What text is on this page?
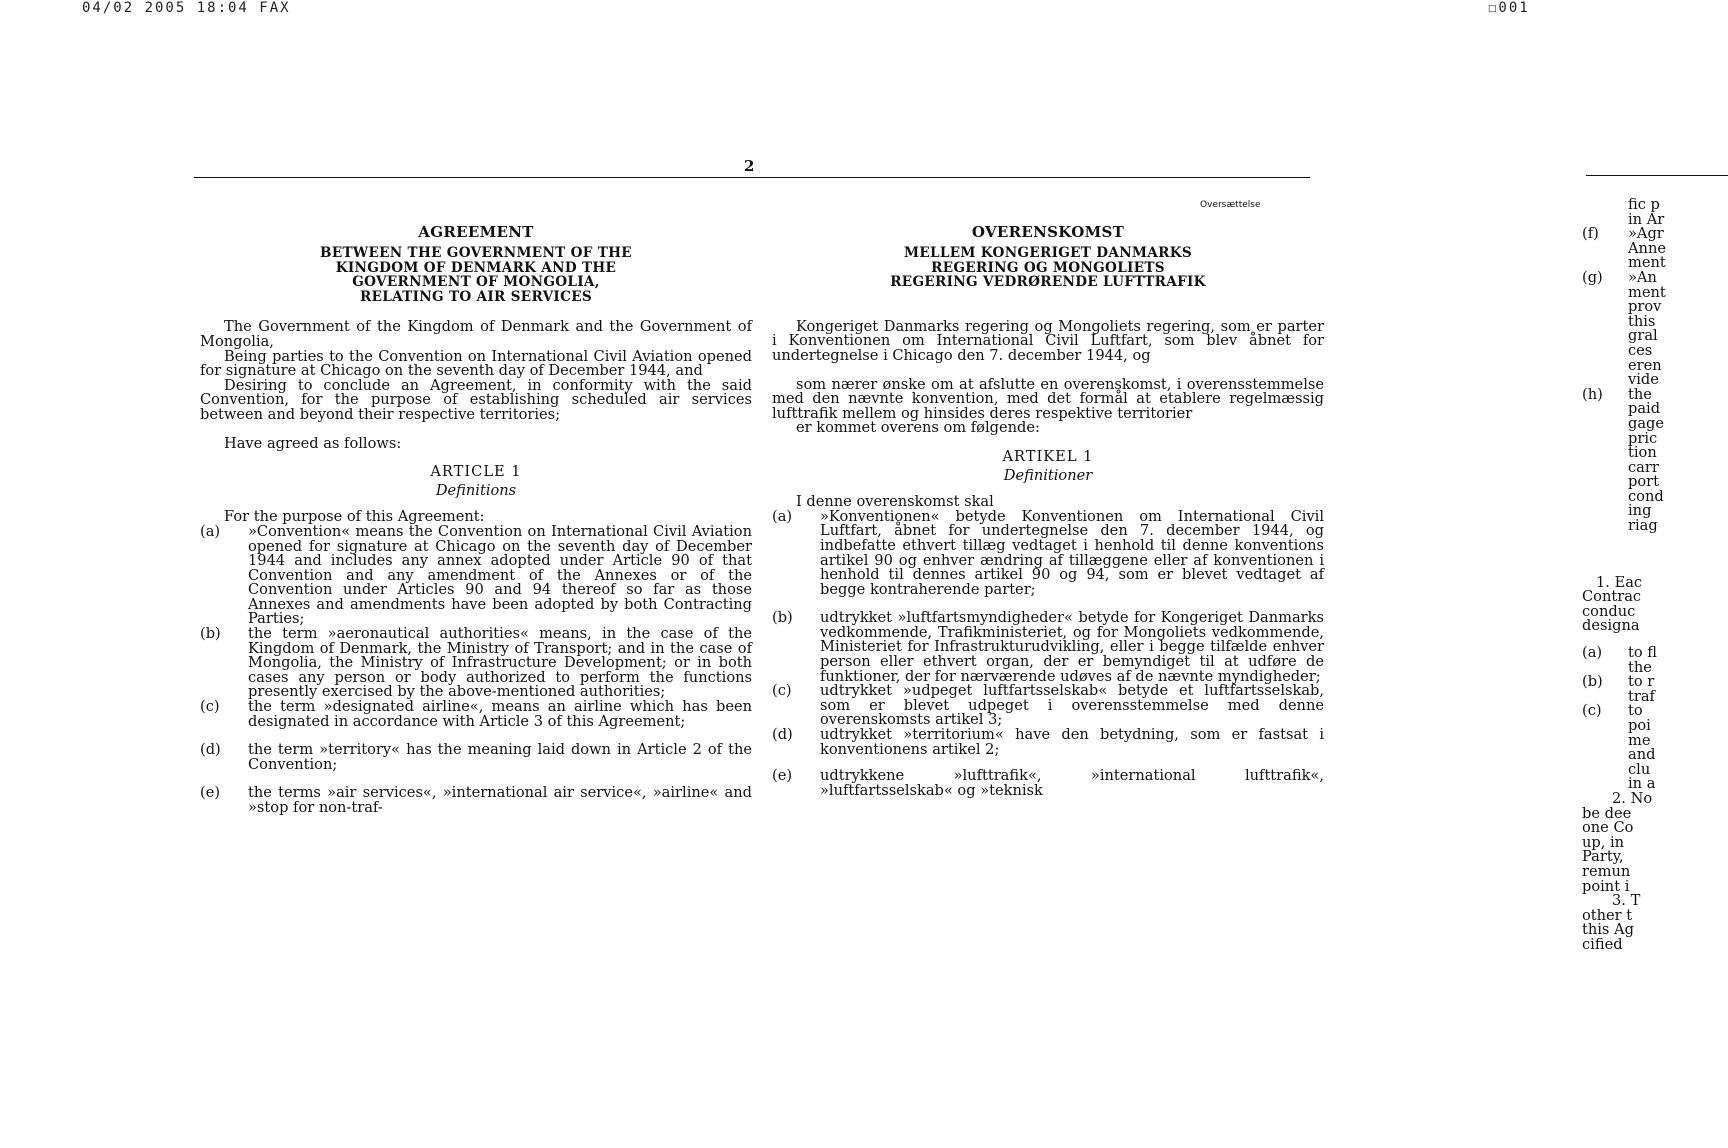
04/02 2005 18:04 FAX	☐001
2
Oversættelse
AGREEMENT
BETWEEN THE GOVERNMENT OF THE
KINGDOM OF DENMARK AND THE
GOVERNMENT OF MONGOLIA,
RELATING TO AIR SERVICES

The Government of the Kingdom of Denmark and the Government of Mongolia,

Being parties to the Convention on International Civil Aviation opened for signature at Chicago on the seventh day of December 1944, and

Desiring to conclude an Agreement, in conformity with the said Convention, for the purpose of establishing scheduled air services between and beyond their respective territories;

Have agreed as follows:

ARTICLE 1
Definitions

For the purpose of this Agreement:

(a)	»Convention« means the Convention on International Civil Aviation opened for signature at Chicago on the seventh day of December 1944 and includes any annex adopted under Article 90 of that Convention and any amendment of the Annexes or of the Convention under Articles 90 and 94 thereof so far as those Annexes and amendments have been adopted by both Contracting Parties;
(b)	the term »aeronautical authorities« means, in the case of the Kingdom of Denmark, the Ministry of Transport; and in the case of Mongolia, the Ministry of Infrastructure Development; or in both cases any person or body authorized to perform the functions presently exercised by the above-mentioned authorities;
(c)	the term »designated airline«, means an airline which has been designated in accordance with Article 3 of this Agreement;
(d)	the term »territory« has the meaning laid down in Article 2 of the Convention;
(e)	the terms »air services«, »international air service«, »airline« and »stop for non-traf-
OVERENSKOMST
MELLEM KONGERIGET DANMARKS
REGERING OG MONGOLIETS
REGERING VEDRØRENDE LUFTTRAFIK

Kongeriget Danmarks regering og Mongoliets regering, som er parter i Konventionen om International Civil Luftfart, som blev åbnet for undertegnelse i Chicago den 7. december 1944, og

som nærer ønske om at afslutte en overenskomst, i overensstemmelse med den nævnte konvention, med det formål at etablere regelmæssig lufttrafik mellem og hinsides deres respektive territorier

er kommet overens om følgende:

ARTIKEL 1
Definitioner

I denne overenskomst skal

(a)	»Konventionen« betyde Konventionen om International Civil Luftfart, åbnet for undertegnelse den 7. december 1944, og indbefatte ethvert tillæg vedtaget i henhold til denne konventions artikel 90 og enhver ændring af tillæggene eller af konventionen i henhold til dennes artikel 90 og 94, som er blevet vedtaget af begge kontraherende parter;
(b)	udtrykket »luftfartsmyndigheder« betyde for Kongeriget Danmarks vedkommende, Trafikministeriet, og for Mongoliets vedkommende, Ministeriet for Infrastrukturudvikling, eller i begge tilfælde enhver person eller ethvert organ, der er bemyndiget til at udføre de funktioner, der for nærværende udøves af de nævnte myndigheder;
(c)	udtrykket »udpeget luftfartsselskab« betyde et luftfartsselskab, som er blevet udpeget i overensstemmelse med denne overenskomsts artikel 3;
(d)	udtrykket »territorium« have den betydning, som er fastsat i konventionens artikel 2;
(e)	udtrykkene »lufttrafik«, »international lufttrafik«, »luftfartsselskab« og »teknisk
fic p
in Ar
(f) »Agr
Anne
ment
(g) »An
ment
prov
this
gral
ces
eren
vide
(h) the
paid
gage
pric
tion
carr
port
cond
ing
riag
1. Eac
Contrac
conduc
designa
(a) to fl
the
(b) to r
traf
(c) to
poi
me
and
clu
in a
2. No
be dee
one Co
up, in
Party,
remun
point i
3. T
other t
this Ag
cified
